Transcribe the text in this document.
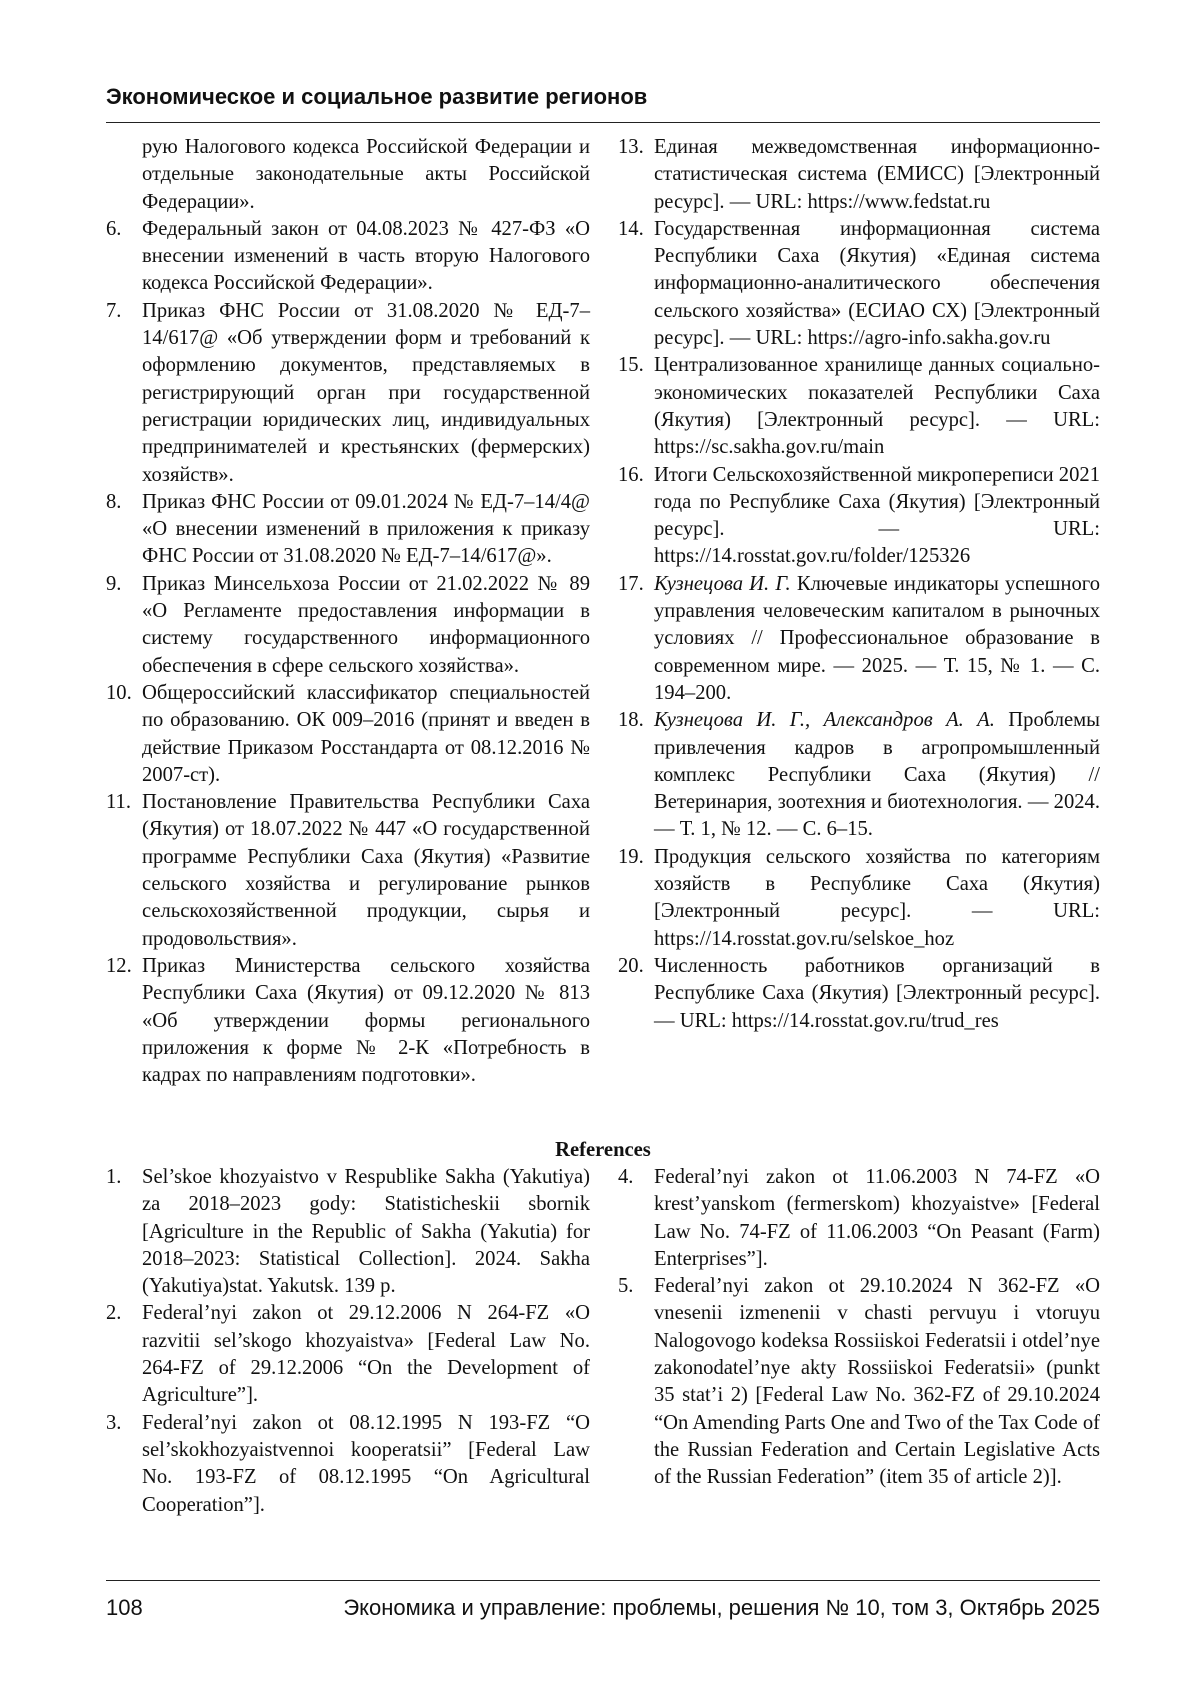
Экономическое и социальное развитие регионов
рую Налогового кодекса Российской Федерации и отдельные законодательные акты Российской Федерации».
6. Федеральный закон от 04.08.2023 № 427-ФЗ «О внесении изменений в часть вторую Налогового кодекса Российской Федерации».
7. Приказ ФНС России от 31.08.2020 № ЕД-7–14/617@ «Об утверждении форм и требований к оформлению документов, представляемых в регистрирующий орган при государственной регистрации юридических лиц, индивидуальных предпринимателей и крестьянских (фермерских) хозяйств».
8. Приказ ФНС России от 09.01.2024 № ЕД-7–14/4@ «О внесении изменений в приложения к приказу ФНС России от 31.08.2020 № ЕД-7–14/617@».
9. Приказ Минсельхоза России от 21.02.2022 № 89 «О Регламенте предоставления информации в систему государственного информационного обеспечения в сфере сельского хозяйства».
10. Общероссийский классификатор специальностей по образованию. ОК 009–2016 (принят и введен в действие Приказом Росстандарта от 08.12.2016 № 2007-ст).
11. Постановление Правительства Республики Саха (Якутия) от 18.07.2022 № 447 «О государственной программе Республики Саха (Якутия) «Развитие сельского хозяйства и регулирование рынков сельскохозяйственной продукции, сырья и продовольствия».
12. Приказ Министерства сельского хозяйства Республики Саха (Якутия) от 09.12.2020 № 813 «Об утверждении формы регионального приложения к форме № 2-К «Потребность в кадрах по направлениям подготовки».
13. Единая межведомственная информационно-статистическая система (ЕМИСС) [Электронный ресурс]. — URL: https://www.fedstat.ru
14. Государственная информационная система Республики Саха (Якутия) «Единая система информационно-аналитического обеспечения сельского хозяйства» (ЕСИАО СХ) [Электронный ресурс]. — URL: https://agro-info.sakha.gov.ru
15. Централизованное хранилище данных социально-экономических показателей Республики Саха (Якутия) [Электронный ресурс]. — URL: https://sc.sakha.gov.ru/main
16. Итоги Сельскохозяйственной микропереписи 2021 года по Республике Саха (Якутия) [Электронный ресурс]. — URL: https://14.rosstat.gov.ru/folder/125326
17. Кузнецова И. Г. Ключевые индикаторы успешного управления человеческим капиталом в рыночных условиях // Профессиональное образование в современном мире. — 2025. — Т. 15, № 1. — С. 194–200.
18. Кузнецова И. Г., Александров А. А. Проблемы привлечения кадров в агропромышленный комплекс Республики Саха (Якутия) // Ветеринария, зоотехния и биотехнология. — 2024. — Т. 1, № 12. — С. 6–15.
19. Продукция сельского хозяйства по категориям хозяйств в Республике Саха (Якутия) [Электронный ресурс]. — URL: https://14.rosstat.gov.ru/selskoe_hoz
20. Численность работников организаций в Республике Саха (Якутия) [Электронный ресурс]. — URL: https://14.rosstat.gov.ru/trud_res
References
1. Sel’skoe khozyaistvo v Respublike Sakha (Yakutiya) za 2018–2023 gody: Statisticheskii sbornik [Agriculture in the Republic of Sakha (Yakutia) for 2018–2023: Statistical Collection]. 2024. Sakha (Yakutiya)stat. Yakutsk. 139 p.
2. Federal’nyi zakon ot 29.12.2006 N 264-FZ «O razvitii sel’skogo khozyaistva» [Federal Law No. 264-FZ of 29.12.2006 “On the Development of Agriculture”].
3. Federal’nyi zakon ot 08.12.1995 N 193-FZ “O sel’skokhozyaistvennoi kooperatsii” [Federal Law No. 193-FZ of 08.12.1995 “On Agricultural Cooperation”].
4. Federal’nyi zakon ot 11.06.2003 N 74-FZ «O krest’yanskom (fermerskom) khozyaistve» [Federal Law No. 74-FZ of 11.06.2003 “On Peasant (Farm) Enterprises”].
5. Federal’nyi zakon ot 29.10.2024 N 362-FZ «O vnesenii izmenenii v chasti pervuyu i vtoruyu Nalogovogo kodeksa Rossiiskoi Federatsii i otdel’nye zakonodatel’nye akty Rossiiskoi Federatsii» (punkt 35 stat’i 2) [Federal Law No. 362-FZ of 29.10.2024 “On Amending Parts One and Two of the Tax Code of the Russian Federation and Certain Legislative Acts of the Russian Federation” (item 35 of article 2)].
108	Экономика и управление: проблемы, решения № 10, том 3, Октябрь 2025
